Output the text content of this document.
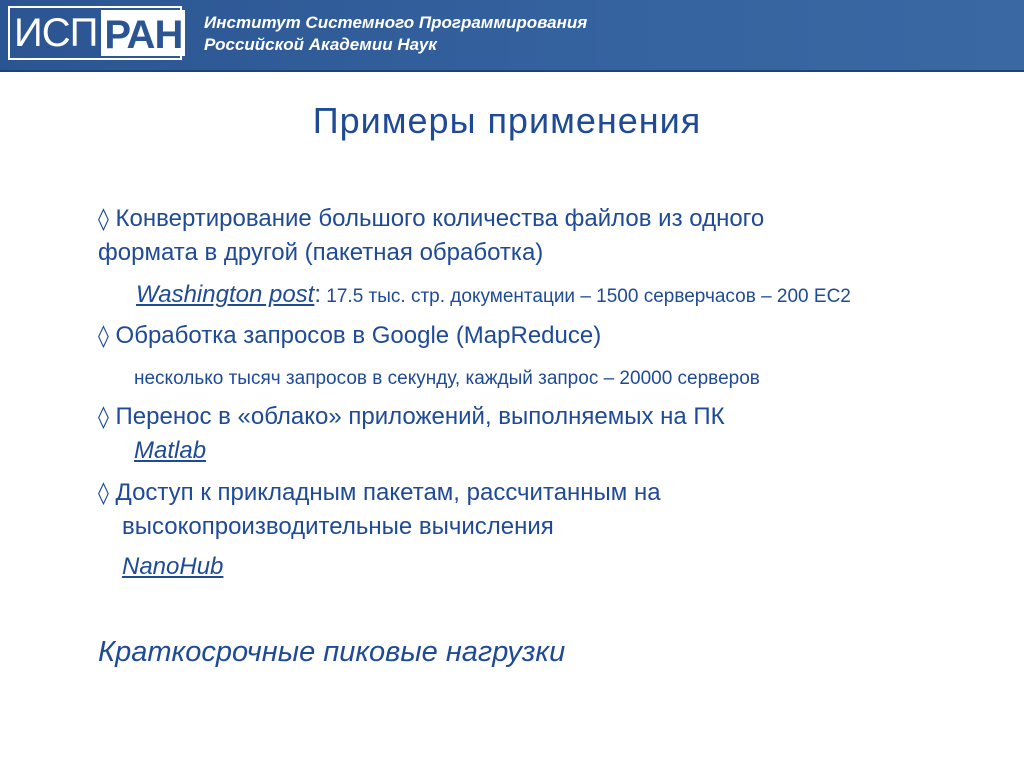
ИСП РАН Институт Системного Программирования
Российской Академии Наук
Примеры применения
◊ Конвертирование большого количества файлов из одного
формата в другой (пакетная обработка)
Washington post: 17.5 тыс. стр. документации – 1500 серверчасов – 200 EC2
◊ Обработка запросов в Google (MapReduce)
несколько тысяч запросов в секунду, каждый запрос – 20000 серверов
◊ Перенос в «облако» приложений, выполняемых на ПК
Matlab
◊ Доступ к прикладным пакетам, рассчитанным на
высокопроизводительные вычисления
NanoHub
Краткосрочные пиковые нагрузки
